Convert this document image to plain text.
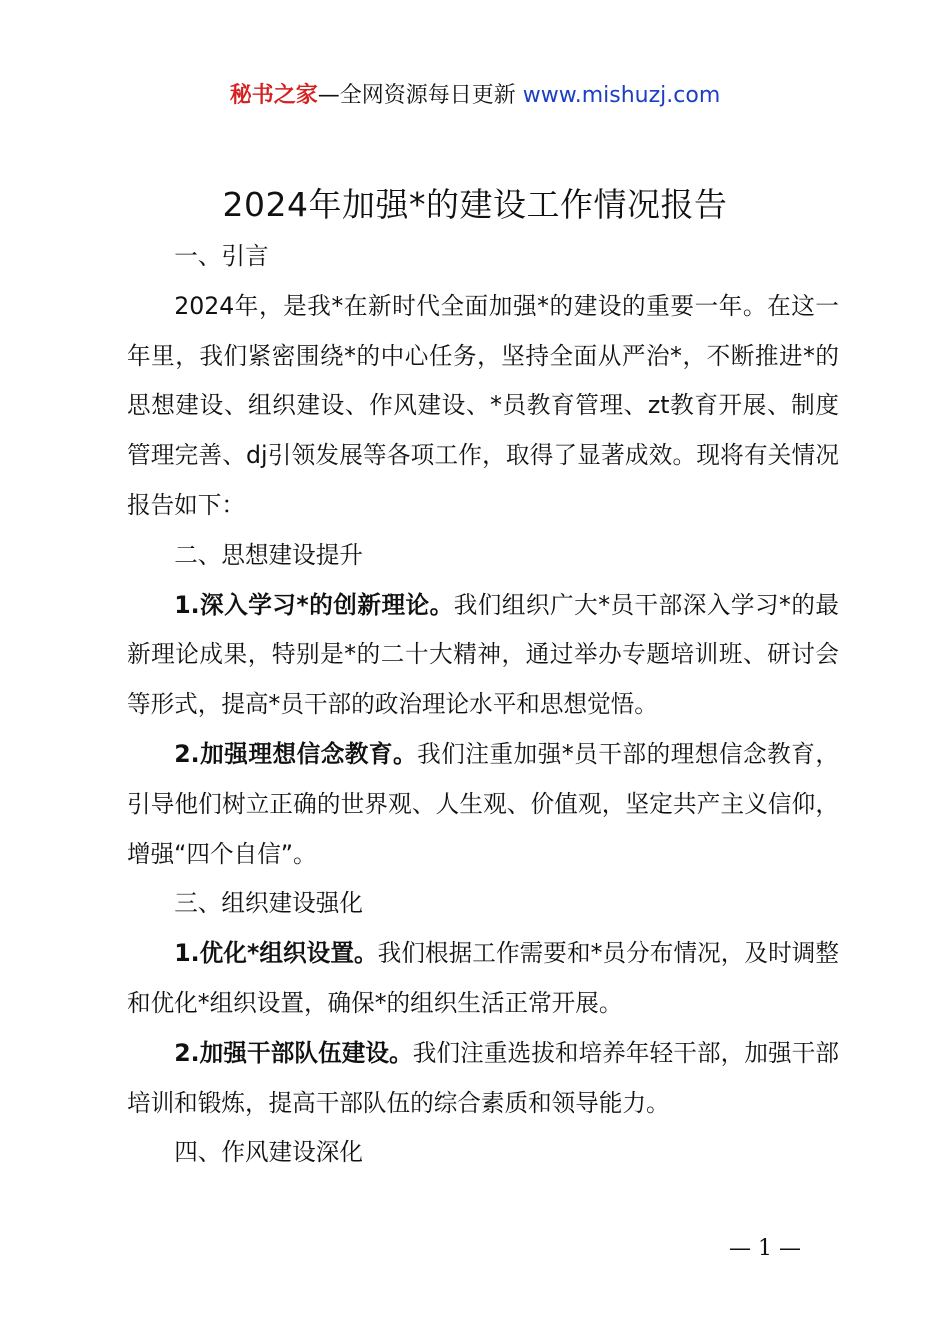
秘书之家—全网资源每日更新 www.mishuzj.com
2024年加强*的建设工作情况报告

一、引言

2024年，是我*在新时代全面加强*的建设的重要一年。在这一年里，我们紧密围绕*的中心任务，坚持全面从严治*，不断推进*的思想建设、组织建设、作风建设、*员教育管理、zt教育开展、制度管理完善、dj引领发展等各项工作，取得了显著成效。现将有关情况报告如下：

二、思想建设提升

1.深入学习*的创新理论。我们组织广大*员干部深入学习*的最新理论成果，特别是*的二十大精神，通过举办专题培训班、研讨会等形式，提高*员干部的政治理论水平和思想觉悟。

2.加强理想信念教育。我们注重加强*员干部的理想信念教育，引导他们树立正确的世界观、人生观、价值观，坚定共产主义信仰，增强“四个自信”。

三、组织建设强化

1.优化*组织设置。我们根据工作需要和*员分布情况，及时调整和优化*组织设置，确保*的组织生活正常开展。

2.加强干部队伍建设。我们注重选拔和培养年轻干部，加强干部培训和锻炼，提高干部队伍的综合素质和领导能力。

四、作风建设深化

— 1 —
